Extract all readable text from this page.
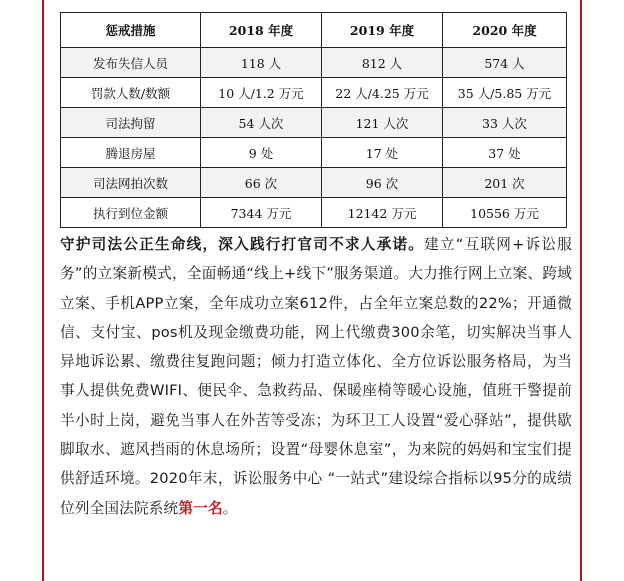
惩戒措施	2018 年度	2019 年度	2020 年度
发布失信人员	118 人	812 人	574 人
罚款人数/数额	10 人/1.2 万元	22 人/4.25 万元	35 人/5.85 万元
司法拘留	54 人次	121 人次	33 人次
腾退房屋	9 处	17 处	37 处
司法网拍次数	66 次	96 次	201 次
执行到位金额	7344 万元	12142 万元	10556 万元
守护司法公正生命线，深入践行打官司不求人承诺。建立“互联网+诉讼服务”的立案新模式，全面畅通“线上+线下”服务渠道。大力推行网上立案、跨域立案、手机APP立案，全年成功立案612件，占全年立案总数的22%；开通微信、支付宝、pos机及现金缴费功能，网上代缴费300余笔，切实解决当事人异地诉讼累、缴费往复跑问题；倾力打造立体化、全方位诉讼服务格局，为当事人提供免费WIFI、便民伞、急救药品、保暖座椅等暖心设施，值班干警提前半小时上岗，避免当事人在外苦等受冻；为环卫工人设置“爱心驿站”，提供歇脚取水、遮风挡雨的休息场所；设置“母婴休息室”，为来院的妈妈和宝宝们提供舒适环境。2020年末，诉讼服务中心 “一站式”建设综合指标以95分的成绩位列全国法院系统第一名。
